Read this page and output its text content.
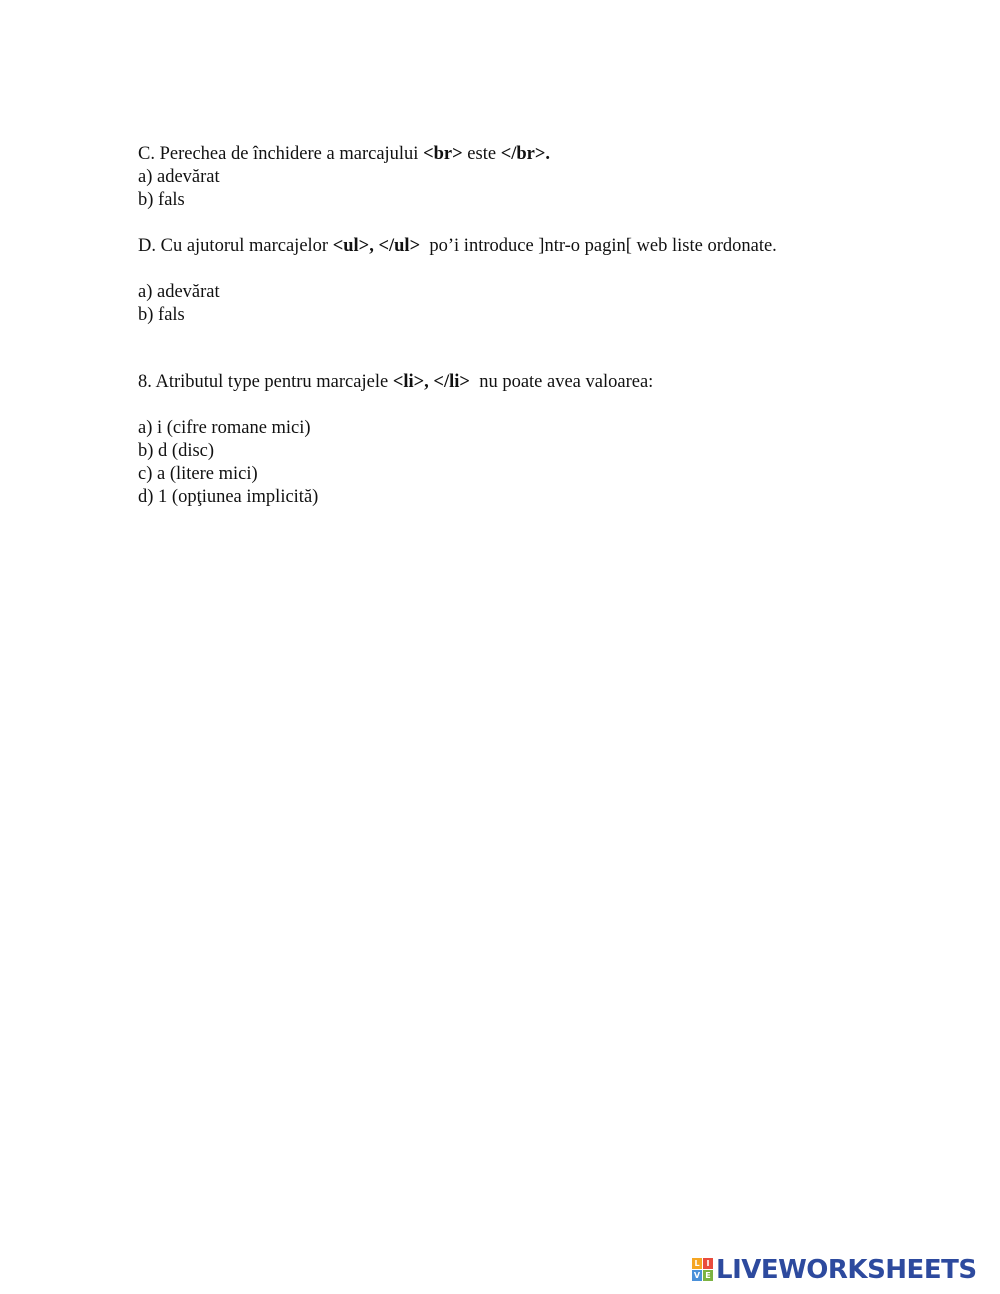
C. Perechea de închidere a marcajului <br> este </br>.
a) adevărat
b) fals
D. Cu ajutorul marcajelor <ul>, </ul>  po’i introduce ]ntr-o pagin[ web liste ordonate.
a) adevărat
b) fals
8. Atributul type pentru marcajele <li>, </li>  nu poate avea valoarea:
a) i (cifre romane mici)
b) d (disc)
c) a (litere mici)
d) 1 (opţiunea implicită)
L I
V E LIVEWORKSHEETS
